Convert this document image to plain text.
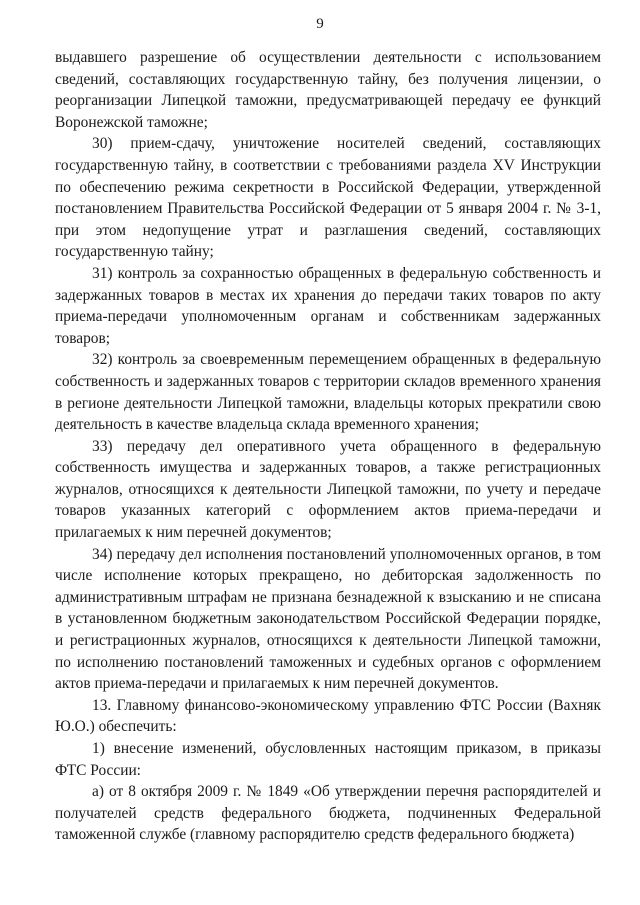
9

выдавшего разрешение об осуществлении деятельности с использованием сведений, составляющих государственную тайну, без получения лицензии, о реорганизации Липецкой таможни, предусматривающей передачу ее функций Воронежской таможне;

30) прием-сдачу, уничтожение носителей сведений, составляющих государственную тайну, в соответствии с требованиями раздела XV Инструкции по обеспечению режима секретности в Российской Федерации, утвержденной постановлением Правительства Российской Федерации от 5 января 2004 г. № 3-1, при этом недопущение утрат и разглашения сведений, составляющих государственную тайну;

31) контроль за сохранностью обращенных в федеральную собственность и задержанных товаров в местах их хранения до передачи таких товаров по акту приема-передачи уполномоченным органам и собственникам задержанных товаров;

32) контроль за своевременным перемещением обращенных в федеральную собственность и задержанных товаров с территории складов временного хранения в регионе деятельности Липецкой таможни, владельцы которых прекратили свою деятельность в качестве владельца склада временного хранения;

33) передачу дел оперативного учета обращенного в федеральную собственность имущества и задержанных товаров, а также регистрационных журналов, относящихся к деятельности Липецкой таможни, по учету и передаче товаров указанных категорий с оформлением актов приема-передачи и прилагаемых к ним перечней документов;

34) передачу дел исполнения постановлений уполномоченных органов, в том числе исполнение которых прекращено, но дебиторская задолженность по административным штрафам не признана безнадежной к взысканию и не списана в установленном бюджетным законодательством Российской Федерации порядке, и регистрационных журналов, относящихся к деятельности Липецкой таможни, по исполнению постановлений таможенных и судебных органов с оформлением актов приема-передачи и прилагаемых к ним перечней документов.

13. Главному финансово-экономическому управлению ФТС России (Вахняк Ю.О.) обеспечить:

1) внесение изменений, обусловленных настоящим приказом, в приказы ФТС России:

а) от 8 октября 2009 г. № 1849 «Об утверждении перечня распорядителей и получателей средств федерального бюджета, подчиненных Федеральной таможенной службе (главному распорядителю средств федерального бюджета)
